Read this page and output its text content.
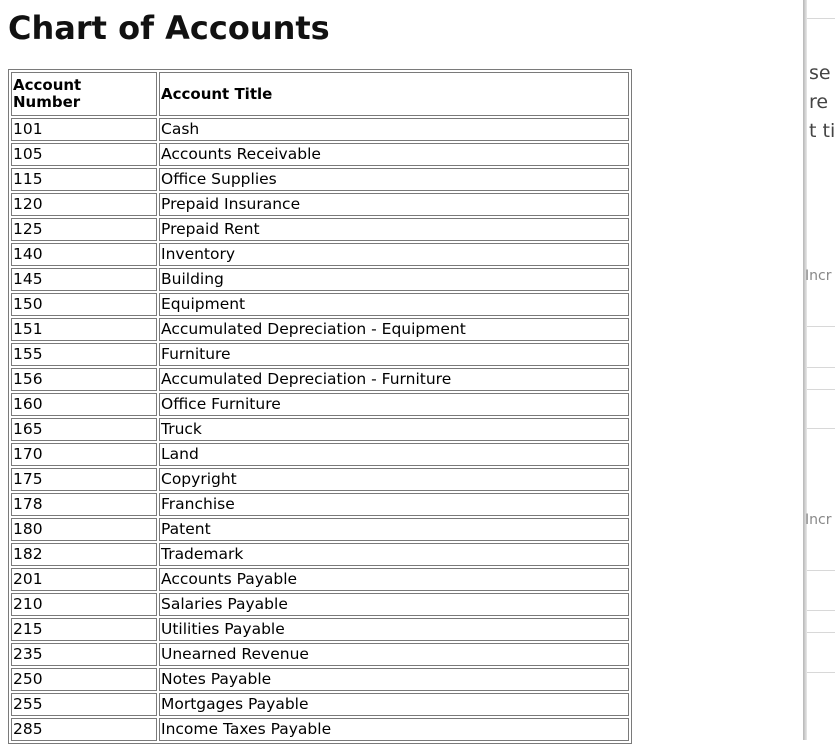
Chart of Accounts
Account
Number	Account Title
101	Cash
105	Accounts Receivable
115	Office Supplies
120	Prepaid Insurance
125	Prepaid Rent
140	Inventory
145	Building
150	Equipment
151	Accumulated Depreciation - Equipment
155	Furniture
156	Accumulated Depreciation - Furniture
160	Office Furniture
165	Truck
170	Land
175	Copyright
178	Franchise
180	Patent
182	Trademark
201	Accounts Payable
210	Salaries Payable
215	Utilities Payable
235	Unearned Revenue
250	Notes Payable
255	Mortgages Payable
285	Income Taxes Payable
se
re
t ti
Incr
Incr
